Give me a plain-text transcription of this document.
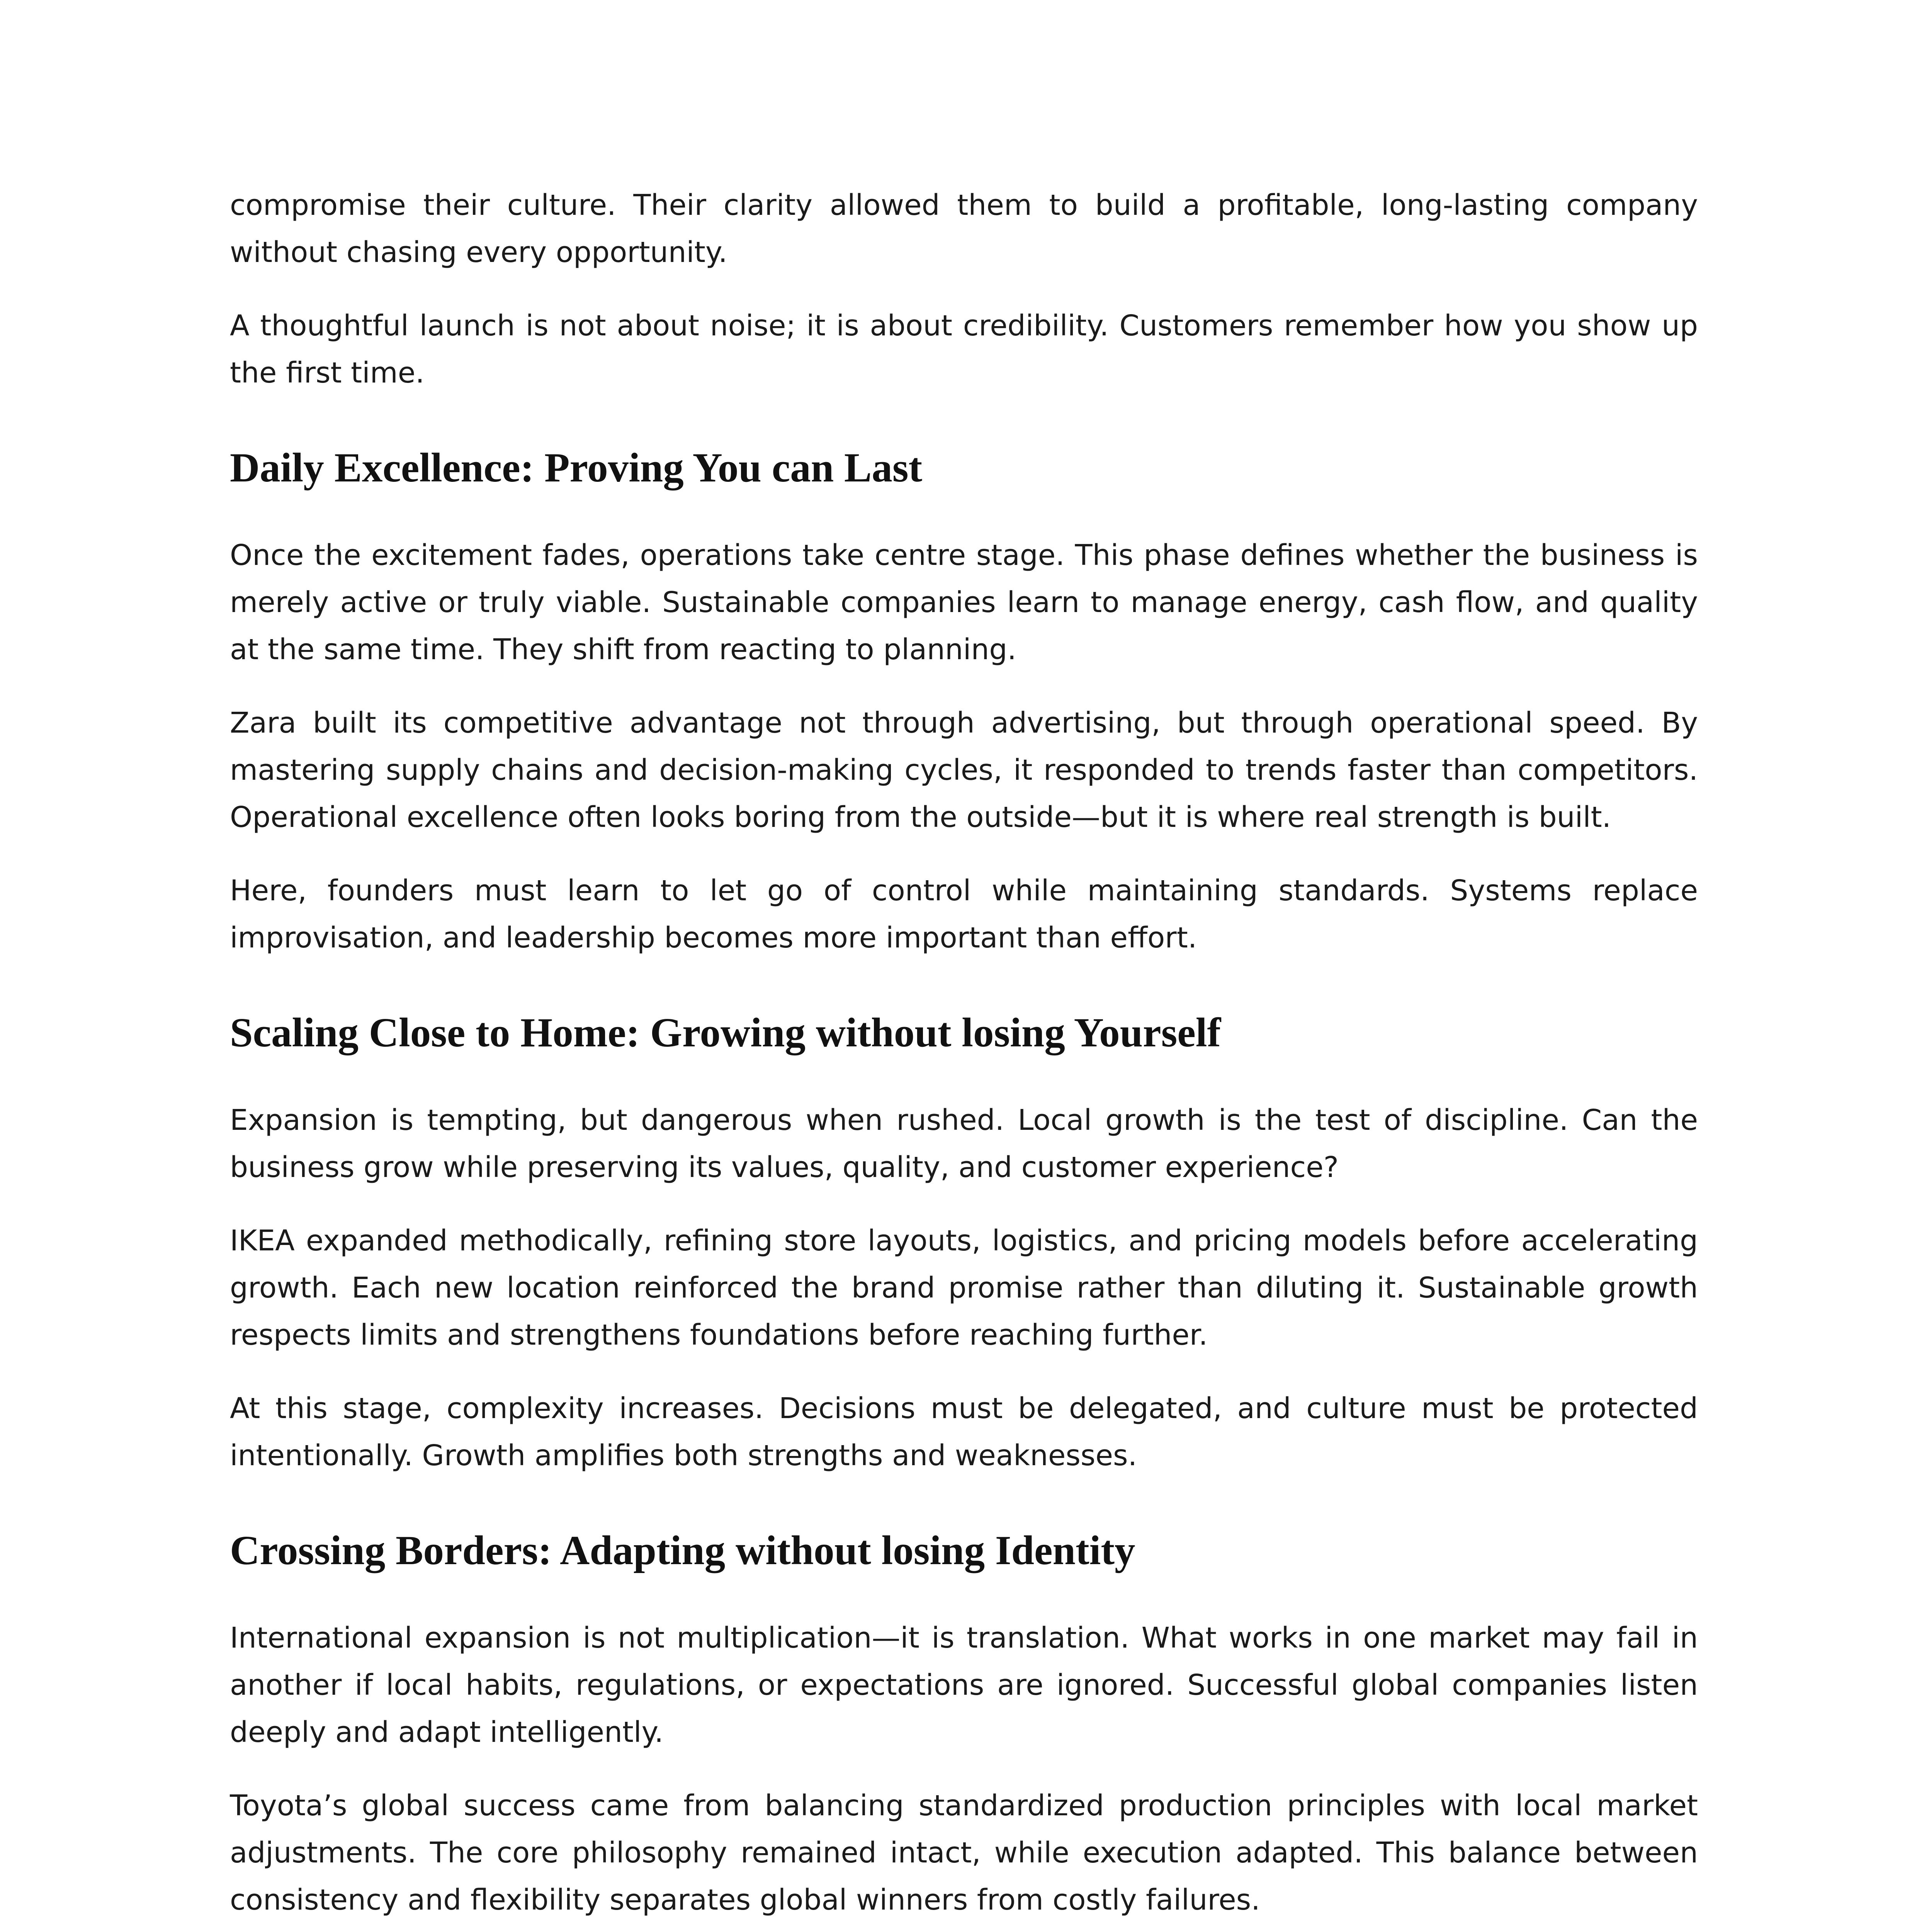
compromise their culture. Their clarity allowed them to build a profitable, long-lasting company without chasing every opportunity.

A thoughtful launch is not about noise; it is about credibility. Customers remember how you show up the first time.

Daily Excellence: Proving You can Last

Once the excitement fades, operations take centre stage. This phase defines whether the business is merely active or truly viable. Sustainable companies learn to manage energy, cash flow, and quality at the same time. They shift from reacting to planning.

Zara built its competitive advantage not through advertising, but through operational speed. By mastering supply chains and decision-making cycles, it responded to trends faster than competitors. Operational excellence often looks boring from the outside—but it is where real strength is built.

Here, founders must learn to let go of control while maintaining standards. Systems replace improvisation, and leadership becomes more important than effort.

Scaling Close to Home: Growing without losing Yourself

Expansion is tempting, but dangerous when rushed. Local growth is the test of discipline. Can the business grow while preserving its values, quality, and customer experience?

IKEA expanded methodically, refining store layouts, logistics, and pricing models before accelerating growth. Each new location reinforced the brand promise rather than diluting it. Sustainable growth respects limits and strengthens foundations before reaching further.

At this stage, complexity increases. Decisions must be delegated, and culture must be protected intentionally. Growth amplifies both strengths and weaknesses.

Crossing Borders: Adapting without losing Identity

International expansion is not multiplication—it is translation. What works in one market may fail in another if local habits, regulations, or expectations are ignored. Successful global companies listen deeply and adapt intelligently.

Toyota’s global success came from balancing standardized production principles with local market adjustments. The core philosophy remained intact, while execution adapted. This balance between consistency and flexibility separates global winners from costly failures.
